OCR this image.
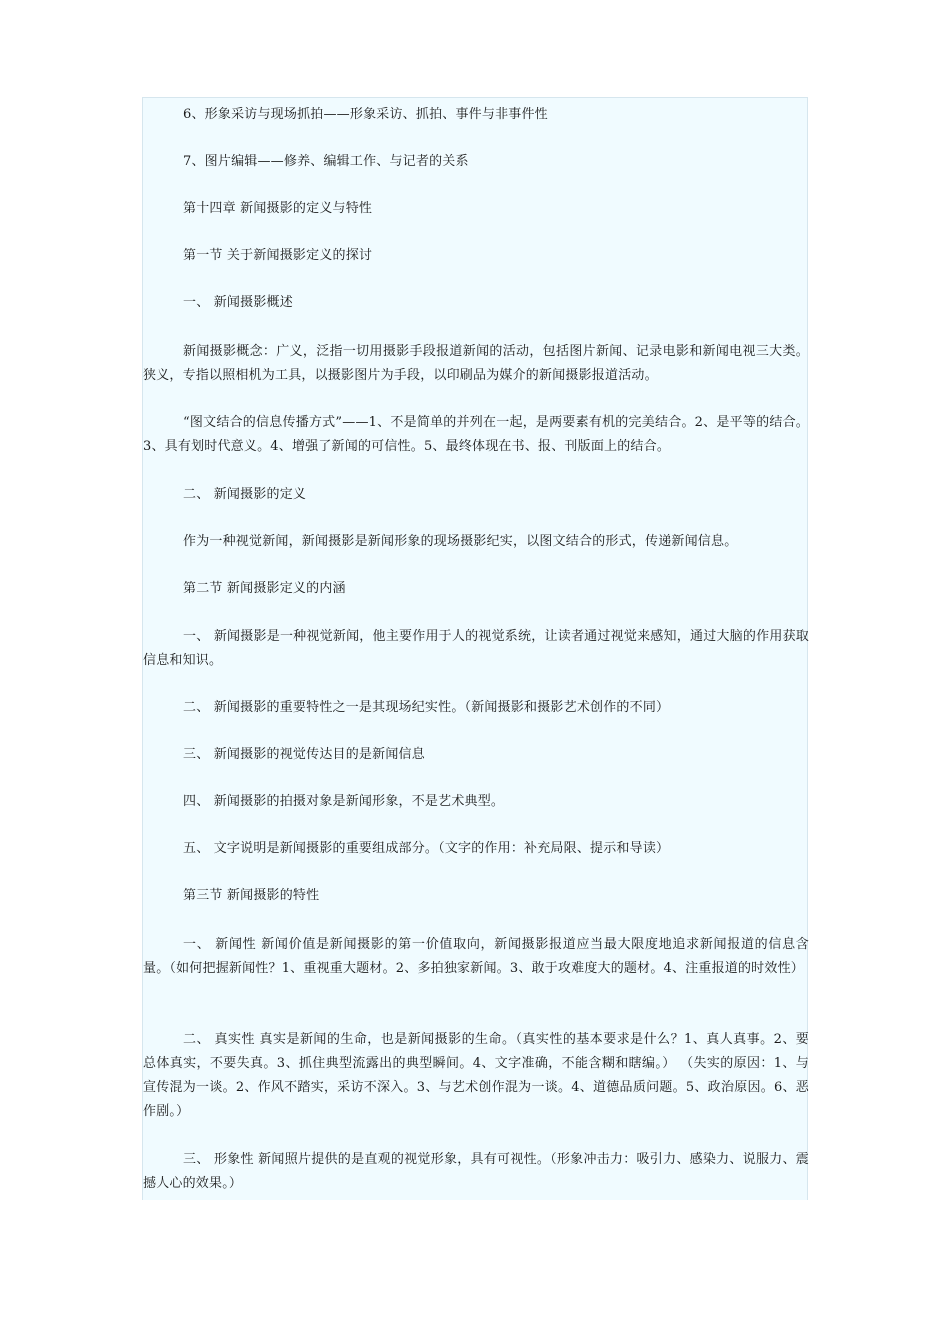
6、形象采访与现场抓拍——形象采访、抓拍、事件与非事件性

7、图片编辑——修养、编辑工作、与记者的关系

第十四章 新闻摄影的定义与特性

第一节 关于新闻摄影定义的探讨

一、 新闻摄影概述

新闻摄影概念：广义，泛指一切用摄影手段报道新闻的活动，包括图片新闻、记录电影和新闻电视三大类。狭义，专指以照相机为工具，以摄影图片为手段，以印刷品为媒介的新闻摄影报道活动。

“图文结合的信息传播方式”——1、不是简单的并列在一起，是两要素有机的完美结合。2、是平等的结合。3、具有划时代意义。4、增强了新闻的可信性。5、最终体现在书、报、刊版面上的结合。

二、 新闻摄影的定义

作为一种视觉新闻，新闻摄影是新闻形象的现场摄影纪实，以图文结合的形式，传递新闻信息。

第二节 新闻摄影定义的内涵

一、 新闻摄影是一种视觉新闻，他主要作用于人的视觉系统，让读者通过视觉来感知，通过大脑的作用获取信息和知识。

二、 新闻摄影的重要特性之一是其现场纪实性。（新闻摄影和摄影艺术创作的不同）

三、 新闻摄影的视觉传达目的是新闻信息

四、 新闻摄影的拍摄对象是新闻形象，不是艺术典型。

五、 文字说明是新闻摄影的重要组成部分。（文字的作用：补充局限、提示和导读）

第三节 新闻摄影的特性

一、 新闻性 新闻价值是新闻摄影的第一价值取向，新闻摄影报道应当最大限度地追求新闻报道的信息含量。（如何把握新闻性？1、重视重大题材。2、多拍独家新闻。3、敢于攻难度大的题材。4、注重报道的时效性）

二、 真实性 真实是新闻的生命，也是新闻摄影的生命。（真实性的基本要求是什么？1、真人真事。2、要总体真实，不要失真。3、抓住典型流露出的典型瞬间。4、文字准确，不能含糊和瞎编。） （失实的原因：1、与宣传混为一谈。2、作风不踏实，采访不深入。3、与艺术创作混为一谈。4、道德品质问题。5、政治原因。6、恶作剧。）

三、 形象性 新闻照片提供的是直观的视觉形象，具有可视性。（形象冲击力：吸引力、感染力、说服力、震撼人心的效果。）
